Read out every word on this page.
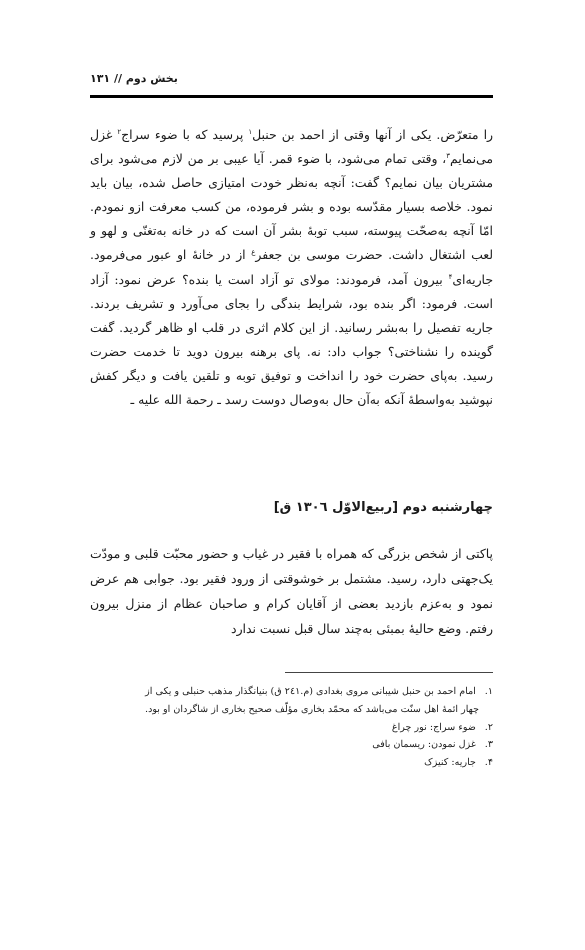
بخش دوم // ۱۳۱

را متعرّض. یکی از آنها وقتی از احمد بن حنبل$^۱$ پرسید که با ضوء سراج$^۲$ غزل می‌نمایم$^۳$، وقتی تمام می‌شود، با ضوء قمر. آیا عیبی بر من لازم می‌شود برای مشتریان بیان نمایم؟ گفت: آنچه به‌نظر خودت امتیازی حاصل شده، بیان باید نمود. خلاصه بسیار مقدّسه بوده و بشر فرموده، من کسب معرفت ازو نمودم. امّا آنچه به‌صحّت پیوسته، سبب توبهٔ بشر آن است که در خانه به‌تغنّی و لهو و لعب اشتغال داشت. حضرت موسی بن جعفر$^ع$ از در خانهٔ او عبور می‌فرمود. جاریه‌ای$^۴$ بیرون آمد، فرمودند: مولای تو آزاد است یا بنده؟ عرض نمود: آزاد است. فرمود: اگر بنده بود، شرایط بندگی را بجای می‌آورد و تشریف بردند. جاریه تفصیل را به‌بشر رسانید. از این کلام اثری در قلب او ظاهر گردید. گفت گوینده را نشناختی؟ جواب داد: نه. پای برهنه بیرون دوید تا خدمت حضرت رسید. به‌پای حضرت خود را انداخت و توفیق توبه و تلقین یافت و دیگر کفش نپوشید به‌واسطهٔ آنکه به‌آن حال به‌وصال دوست رسد ـ رحمة الله علیه ـ

چهارشنبه دوم [ربیع‌الاوّل ۱۳۰٦ ق]

پاکتی از شخص بزرگی که همراه با فقیر در غیاب و حضور محبّت قلبی و مودّت یک‌جهتی دارد، رسید. مشتمل بر خوشوقتی از ورود فقیر بود. جوابی هم عرض نمود و به‌عزم بازدید بعضی از آقایان کرام و صاحبان عظام از منزل بیرون رفتم. وضع حالیهٔ بمبئی به‌چند سال قبل نسبت ندارد

۱. امام احمد بن حنبل شیبانی مروی بغدادی (م.۲٤۱ ق) بنیانگذار مذهب حنبلی و یکی از
چهار ائمهٔ اهل سنّت می‌باشد که محمّد بخاری مؤلّف صحیح بخاری از شاگردان او بود.
۲. ضوء سراج: نور چراغ
۳. غزل نمودن: ریسمان بافی
۴. جاریه: کنیزک
